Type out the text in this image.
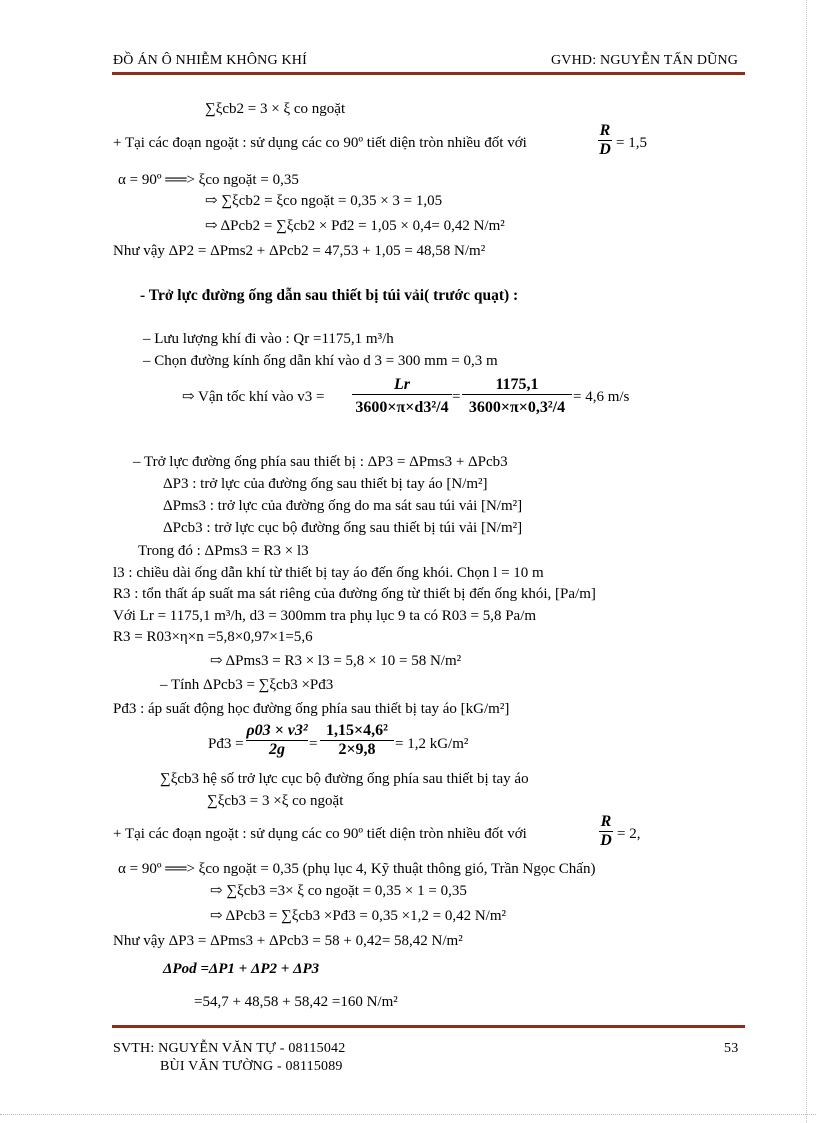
ĐỒ ÁN Ô NHIỄM KHÔNG KHÍ	GVHD: NGUYỄN TẤN DŨNG
∑ξcb2 = 3 × ξ co ngoặt
+ Tại các đoạn ngoặt : sử dụng các co 90º tiết diện tròn nhiều đốt với	$\frac{R}{D} = 1,5$
α = 90º ══> ξco ngoặt = 0,35
⇨ ∑ξcb2 = ξco ngoặt = 0,35 × 3 = 1,05
⇨ ΔPcb2 = ∑ξcb2 × Pđ2 = 1,05 × 0,4= 0,42 N/m²
Như vậy ΔP2 = ΔPms2 + ΔPcb2 = 47,53 + 1,05 = 48,58 N/m²
- Trở lực đường ống dẫn sau thiết bị túi vải( trước quạt) :
– Lưu lượng khí đi vào : Qr =1175,1 m³/h
– Chọn đường kính ống dẫn khí vào d 3 = 300 mm = 0,3 m
⇨ Vận tốc khí vào $v3 = \frac{Lr}{\text{3600×π×d3²/4}} = \frac{1175,1}{\text{3600×π×0,3²/4}} = 4,6$ m/s
– Trở lực đường ống phía sau thiết bị : ΔP3 = ΔPms3 + ΔPcb3
ΔP3 : trở lực của đường ống sau thiết bị tay áo [N/m²]
ΔPms3 : trở lực của đường ống do ma sát sau túi vải [N/m²]
ΔPcb3 : trở lực cục bộ đường ống sau thiết bị túi vải [N/m²]
Trong đó : ΔPms3 = R3 × l3
l3 : chiều dài ống dẫn khí từ thiết bị tay áo đến ống khói. Chọn l = 10 m
R3 : tổn thất áp suất ma sát riêng của đường ống từ thiết bị đến ống khói, [Pa/m]
Với Lr = 1175,1 m³/h, d3 = 300mm tra phụ lục 9 ta có R03 = 5,8 Pa/m
R3 = R03×η×n =5,8×0,97×1=5,6
⇨ ΔPms3 = R3 × l3 = 5,8 × 10 = 58 N/m²
– Tính ΔPcb3 = ∑ξcb3 ×Pđ3
Pđ3 : áp suất động học đường ống phía sau thiết bị tay áo [kG/m²]
Pđ3 = $\frac{\text{ρ03 × v3²}}{2g} = \frac{\text{1,15×4,6²}}{2\times 9,8} = 1,2$ kG/m²
∑ξcb3 hệ số trở lực cục bộ đường ống phía sau thiết bị tay áo
∑ξcb3 = 3 ×ξ co ngoặt
+ Tại các đoạn ngoặt : sử dụng các co 90º tiết diện tròn nhiều đốt với	$\frac{R}{D} = 2$,
α = 90º ══> ξco ngoặt = 0,35 (phụ lục 4, Kỹ thuật thông gió, Trần Ngọc Chấn)
⇨ ∑ξcb3 =3× ξ co ngoặt = 0,35 × 1 = 0,35
⇨ ΔPcb3 = ∑ξcb3 ×Pđ3 = 0,35 ×1,2 = 0,42 N/m²
Như vậy ΔP3 = ΔPms3 + ΔPcb3 = 58 + 0,42= 58,42 N/m²
ΔPod =ΔP1 + ΔP2 + ΔP3
=54,7 + 48,58 + 58,42 =160 N/m²
SVTH: NGUYỄN VĂN TỰ - 08115042
BÙI VĂN TƯỜNG - 08115089
53
